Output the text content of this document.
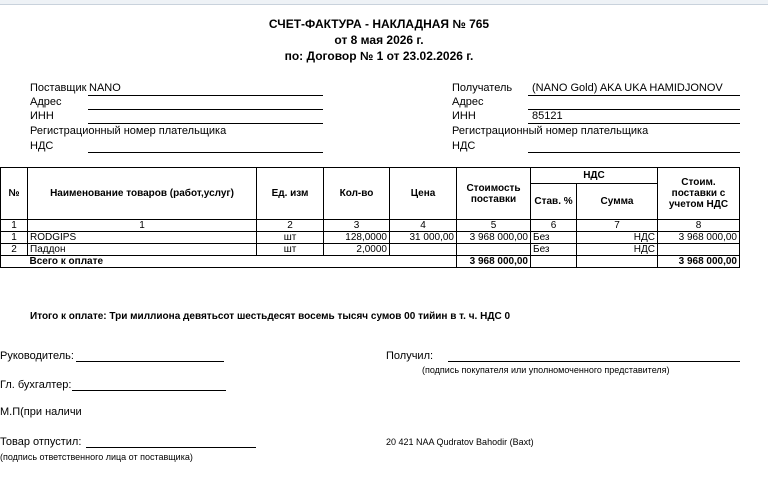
СЧЕТ-ФАКТУРА - НАКЛАДНАЯ № 765
от 8 мая 2026 г.
по: Договор № 1 от 23.02.2026 г.
Поставщик NANO
Адрес
ИНН
Регистрационный номер плательщика
НДС
Получатель (NANO Gold) AKA UKA HAMIDJONOV
Адрес
ИНН	85121
Регистрационный номер плательщика
НДС
№	Наименование товаров (работ,услуг)	Ед. изм	Кол-во	Цена	Стоимость поставки	НДС		Стоим. поставки с учетом НДС
						Став. %	Сумма	
1	1	2	3	4	5	6	7	8
1	RODGIPS	шт	128,0000	31 000,00	3 968 000,00	Без	НДС	3 968 000,00
2	Паддон	шт	2,0000			Без	НДС	
	Всего к оплате				3 968 000,00			3 968 000,00
Итого к оплате: Три миллиона девятьсот шестьдесят восемь тысяч сумов 00 тийин в т. ч. НДС 0
Руководитель:
Гл. бухгалтер:
М.П(при наличи
Товар отпустил:
(подпись ответственного лица от поставщика)
Получил:
(подпись покупателя или уполномоченного представителя)
20 421 NAA Qudratov Bahodir (Baxt)
